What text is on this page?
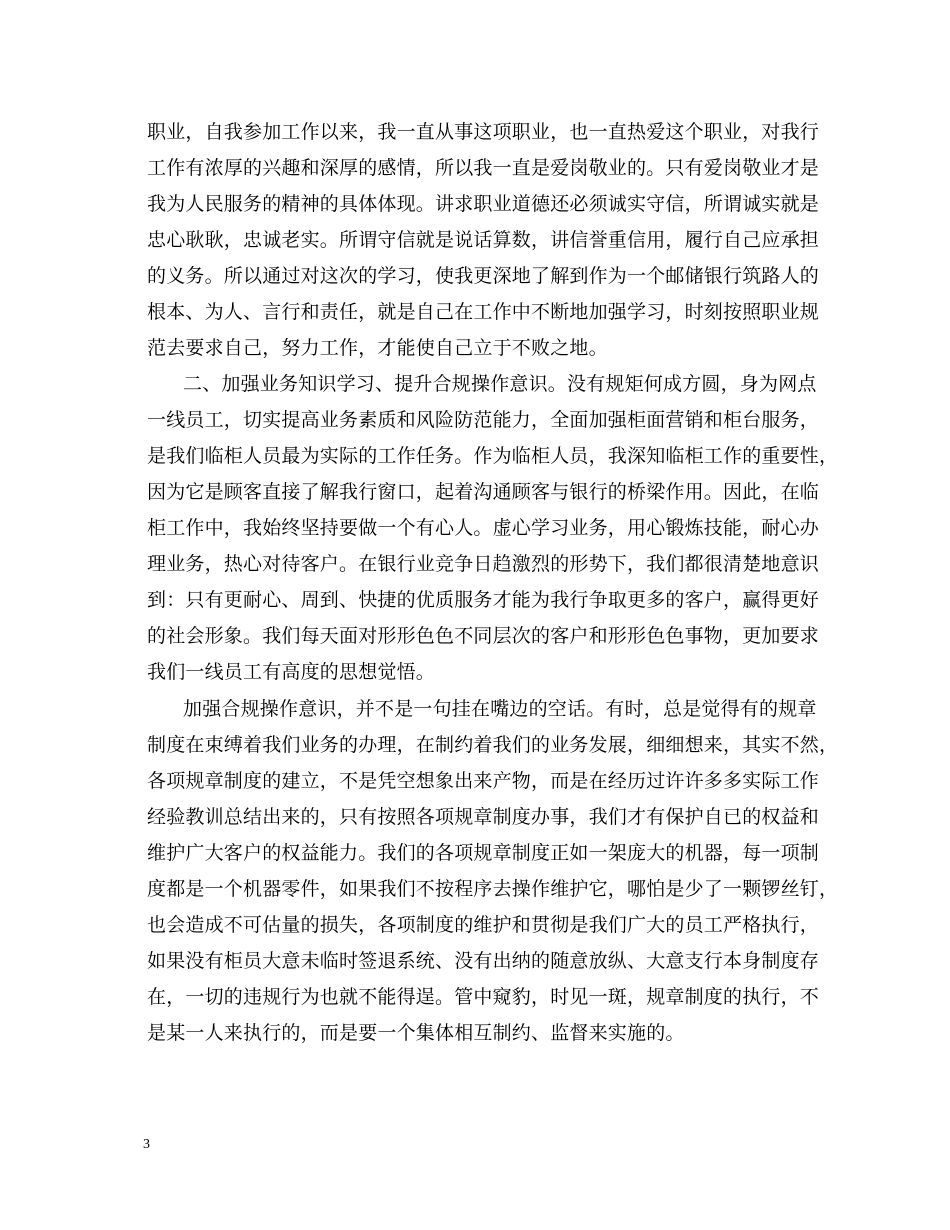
职业，自我参加工作以来，我一直从事这项职业，也一直热爱这个职业，对我行
工作有浓厚的兴趣和深厚的感情，所以我一直是爱岗敬业的。只有爱岗敬业才是
我为人民服务的精神的具体体现。讲求职业道德还必须诚实守信，所谓诚实就是
忠心耿耿，忠诚老实。所谓守信就是说话算数，讲信誉重信用，履行自己应承担
的义务。所以通过对这次的学习，使我更深地了解到作为一个邮储银行筑路人的
根本、为人、言行和责任，就是自己在工作中不断地加强学习，时刻按照职业规
范去要求自己，努力工作，才能使自己立于不败之地。
二、加强业务知识学习、提升合规操作意识。没有规矩何成方圆，身为网点
一线员工，切实提高业务素质和风险防范能力，全面加强柜面营销和柜台服务，
是我们临柜人员最为实际的工作任务。作为临柜人员，我深知临柜工作的重要性，
因为它是顾客直接了解我行窗口，起着沟通顾客与银行的桥梁作用。因此，在临
柜工作中，我始终坚持要做一个有心人。虚心学习业务，用心锻炼技能，耐心办
理业务，热心对待客户。在银行业竞争日趋激烈的形势下，我们都很清楚地意识
到：只有更耐心、周到、快捷的优质服务才能为我行争取更多的客户，赢得更好
的社会形象。我们每天面对形形色色不同层次的客户和形形色色事物，更加要求
我们一线员工有高度的思想觉悟。
加强合规操作意识，并不是一句挂在嘴边的空话。有时，总是觉得有的规章
制度在束缚着我们业务的办理，在制约着我们的业务发展，细细想来，其实不然，
各项规章制度的建立，不是凭空想象出来产物，而是在经历过许许多多实际工作
经验教训总结出来的，只有按照各项规章制度办事，我们才有保护自已的权益和
维护广大客户的权益能力。我们的各项规章制度正如一架庞大的机器，每一项制
度都是一个机器零件，如果我们不按程序去操作维护它，哪怕是少了一颗锣丝钉，
也会造成不可估量的损失，各项制度的维护和贯彻是我们广大的员工严格执行，
如果没有柜员大意未临时签退系统、没有出纳的随意放纵、大意支行本身制度存
在，一切的违规行为也就不能得逞。管中窥豹，时见一斑，规章制度的执行，不
是某一人来执行的，而是要一个集体相互制约、监督来实施的。
3
